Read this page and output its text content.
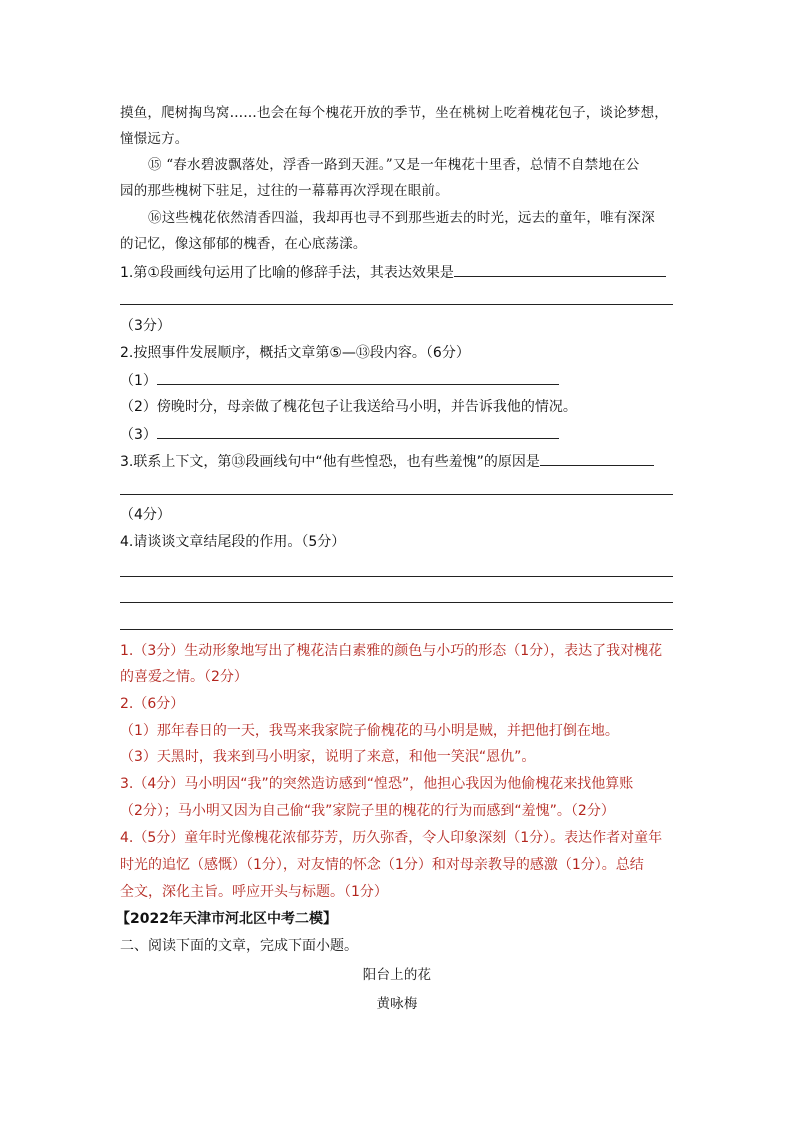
摸鱼，爬树掏鸟窝……也会在每个槐花开放的季节，坐在桃树上吃着槐花包子，谈论梦想，
憧憬远方。
⑮ “春水碧波飘落处，浮香一路到天涯。”又是一年槐花十里香，总情不自禁地在公
园的那些槐树下驻足，过往的一幕幕再次浮现在眼前。
⑯这些槐花依然清香四溢，我却再也寻不到那些逝去的时光，远去的童年，唯有深深
的记忆，像这郁郁的槐香，在心底荡漾。
1.第①段画线句运用了比喻的修辞手法，其表达效果是
（3分）
2.按照事件发展顺序，概括文章第⑤—⑬段内容。（6分）
（1）
（2）傍晚时分，母亲做了槐花包子让我送给马小明，并告诉我他的情况。
（3）
3.联系上下文，第⑬段画线句中“他有些惶恐，也有些羞愧”的原因是
（4分）
4.请谈谈文章结尾段的作用。（5分）
1.（3分）生动形象地写出了槐花洁白素雅的颜色与小巧的形态（1分），表达了我对槐花
的喜爱之情。（2分）
2.（6分）
（1）那年春日的一天，我骂来我家院子偷槐花的马小明是贼，并把他打倒在地。
（3）天黑时，我来到马小明家，说明了来意，和他一笑泯“恩仇”。
3.（4分）马小明因“我”的突然造访感到“惶恐”，他担心我因为他偷槐花来找他算账
（2分）；马小明又因为自己偷“我”家院子里的槐花的行为而感到“羞愧”。（2分）
4.（5分）童年时光像槐花浓郁芬芳，历久弥香，令人印象深刻（1分）。表达作者对童年
时光的追忆（感慨）（1分），对友情的怀念（1分）和对母亲教导的感激（1分）。总结
全文，深化主旨。呼应开头与标题。（1分）
【2022年天津市河北区中考二模】
二、阅读下面的文章，完成下面小题。
阳台上的花
黄咏梅
